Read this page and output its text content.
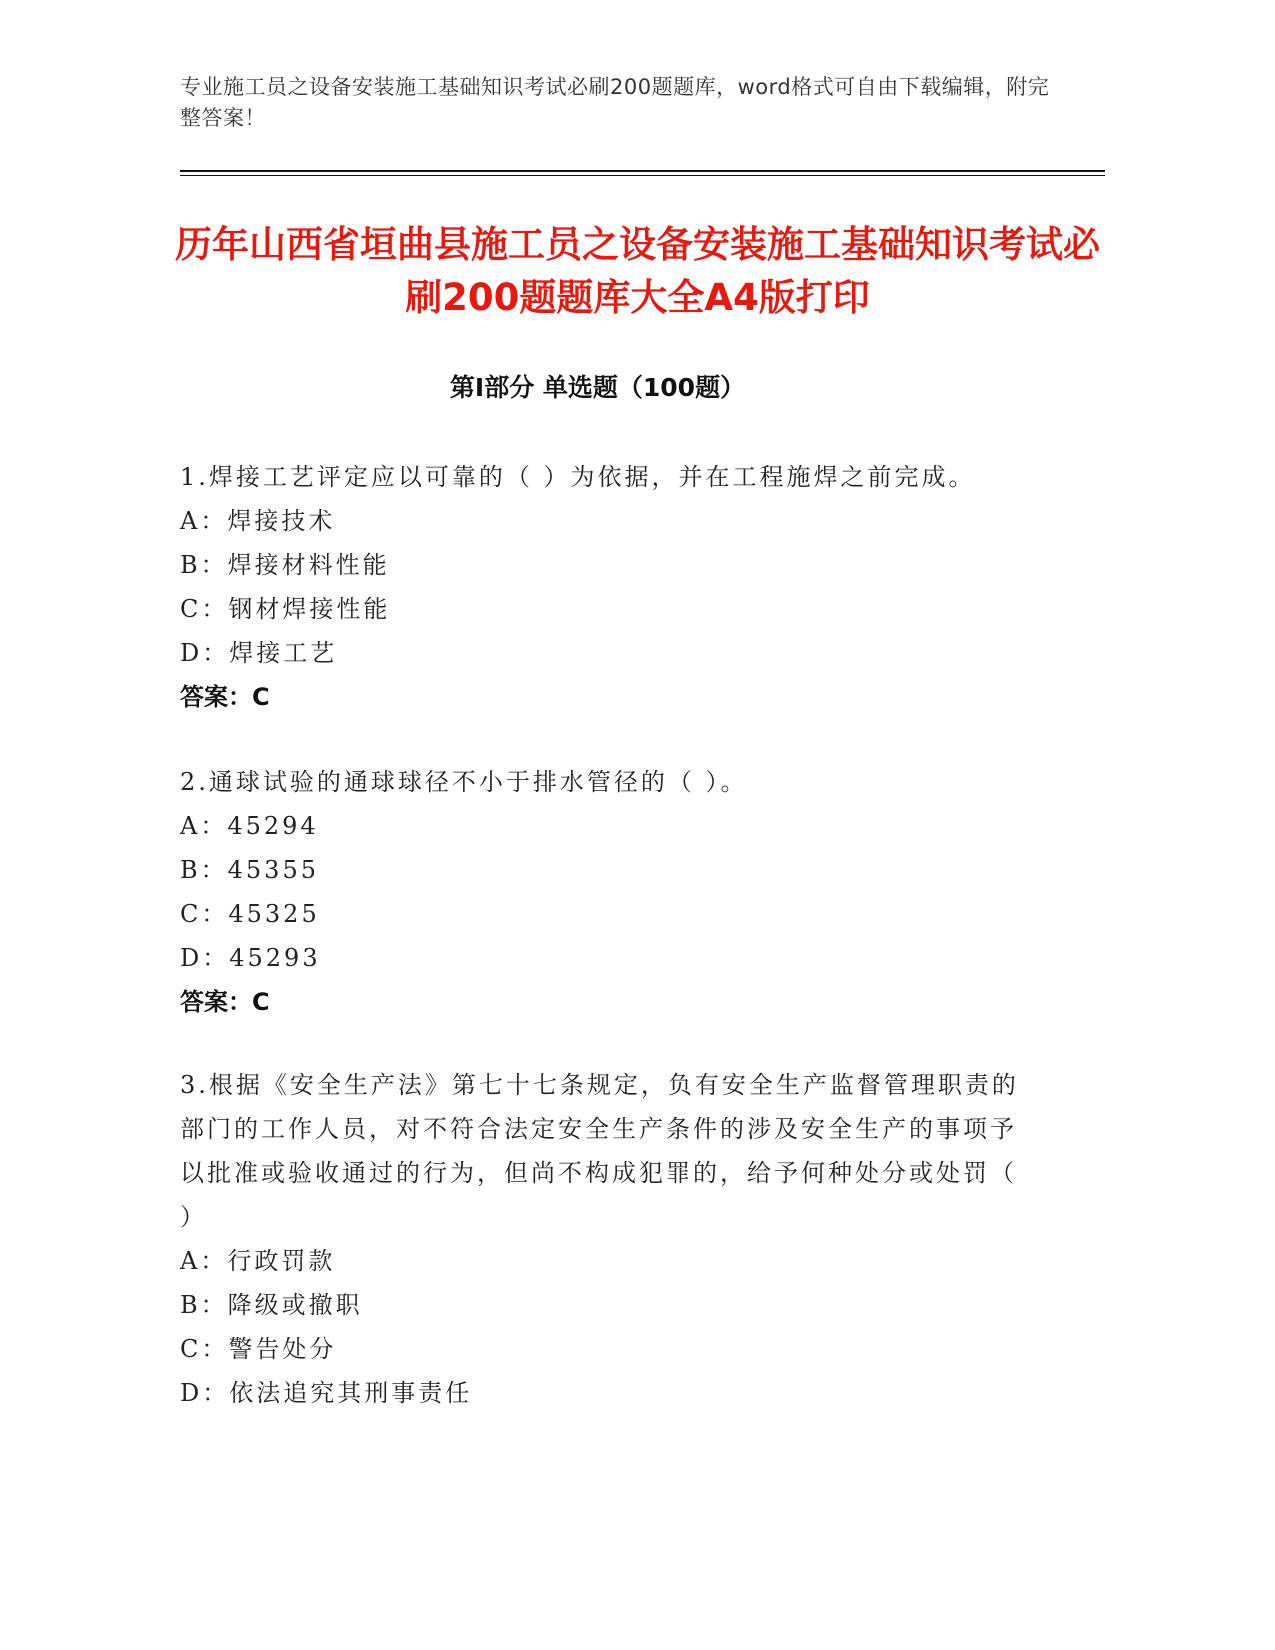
专业施工员之设备安装施工基础知识考试必刷200题题库，word格式可自由下载编辑，附完整答案！
历年山西省垣曲县施工员之设备安装施工基础知识考试必刷200题题库大全A4版打印
第Ⅰ部分 单选题（100题）
1.焊接工艺评定应以可靠的（ ）为依据，并在工程施焊之前完成。
A：焊接技术
B：焊接材料性能
C：钢材焊接性能
D：焊接工艺
答案：C
2.通球试验的通球球径不小于排水管径的（ ）。
A：45294
B：45355
C：45325
D：45293
答案：C
3.根据《安全生产法》第七十七条规定，负有安全生产监督管理职责的部门的工作人员，对不符合法定安全生产条件的涉及安全生产的事项予以批准或验收通过的行为，但尚不构成犯罪的，给予何种处分或处罚（ ）
A：行政罚款
B：降级或撤职
C：警告处分
D：依法追究其刑事责任
